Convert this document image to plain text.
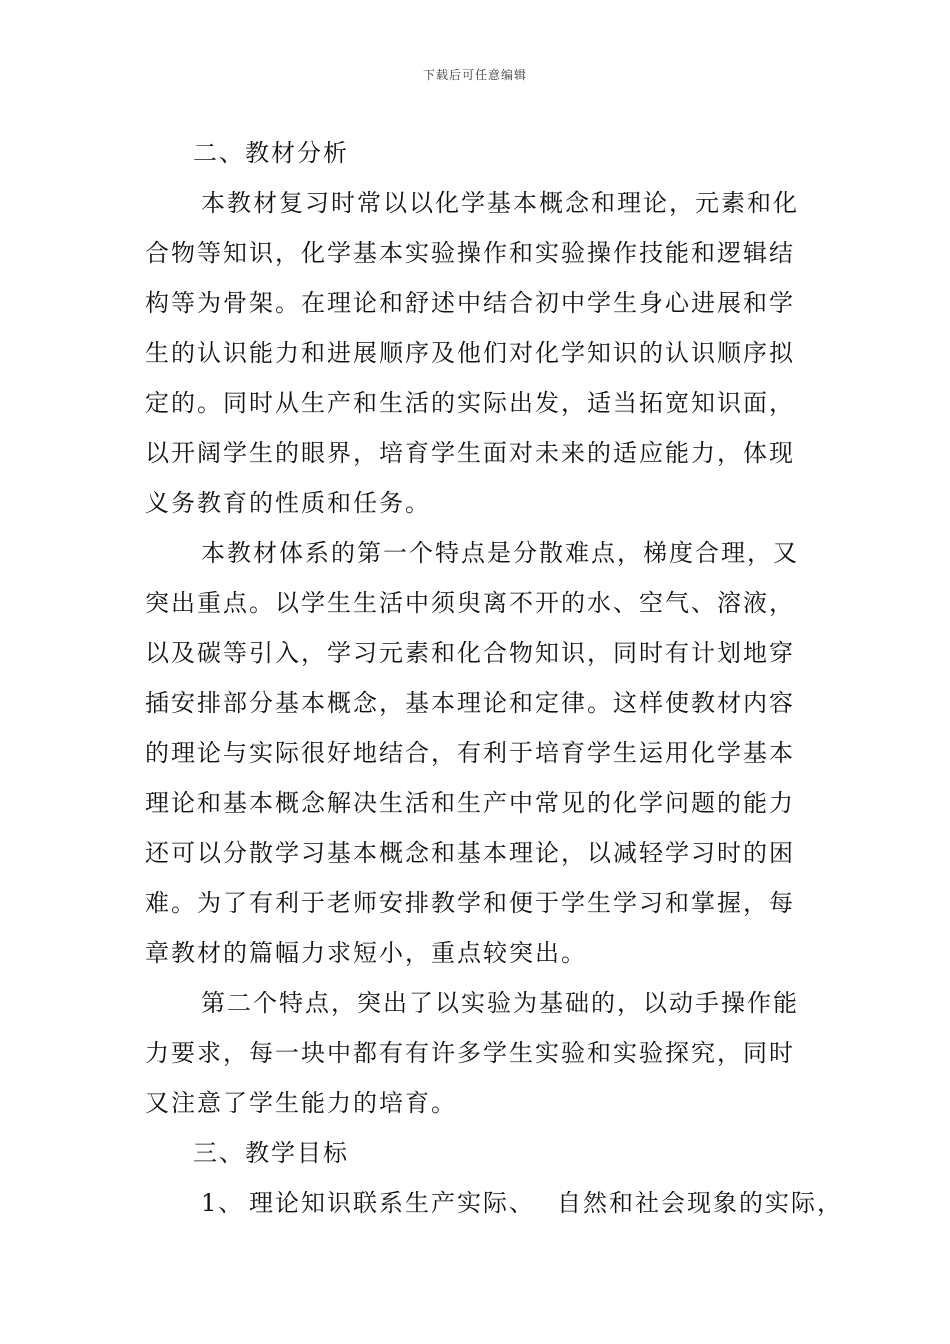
下载后可任意编辑
二、教材分析
本教材复习时常以以化学基本概念和理论，元素和化
合物等知识，化学基本实验操作和实验操作技能和逻辑结
构等为骨架。在理论和舒述中结合初中学生身心进展和学
生的认识能力和进展顺序及他们对化学知识的认识顺序拟
定的。同时从生产和生活的实际出发，适当拓宽知识面，
以开阔学生的眼界，培育学生面对未来的适应能力，体现
义务教育的性质和任务。
本教材体系的第一个特点是分散难点，梯度合理，又
突出重点。以学生生活中须臾离不开的水、空气、溶液，
以及碳等引入，学习元素和化合物知识，同时有计划地穿
插安排部分基本概念，基本理论和定律。这样使教材内容
的理论与实际很好地结合，有利于培育学生运用化学基本
理论和基本概念解决生活和生产中常见的化学问题的能力
还可以分散学习基本概念和基本理论，以减轻学习时的困
难。为了有利于老师安排教学和便于学生学习和掌握，每
章教材的篇幅力求短小，重点较突出。
第二个特点，突出了以实验为基础的，以动手操作能
力要求，每一块中都有有许多学生实验和实验探究，同时
又注意了学生能力的培育。
三、教学目标
1、 理论知识联系生产实际、 自然和社会现象的实际，
